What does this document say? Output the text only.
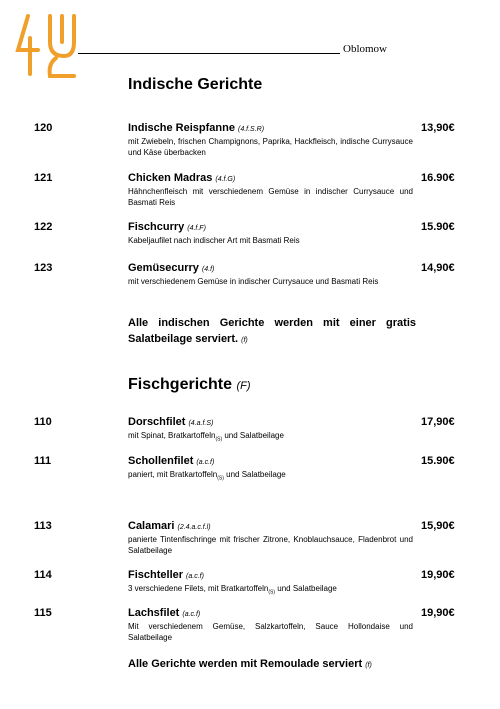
Oblomow
Indische Gerichte
120	Indische Reispfanne (4.f.S.R)	13,90€
mit Zwiebeln, frischen Champignons, Paprika, Hackfleisch, indische Currysauce und Käse überbacken
121	Chicken Madras (4.f.G)	16.90€
Hähnchenfleisch mit verschiedenem Gemüse in indischer Currysauce und Basmati Reis
122	Fischcurry (4.f.F)	15.90€
Kabeljaufilet nach indischer Art mit Basmati Reis
123	Gemüsecurry (4.f)	14,90€
mit verschiedenem Gemüse in indischer Currysauce und Basmati Reis
Alle indischen Gerichte werden mit einer gratis Salatbeilage serviert. (f)
Fischgerichte (F)
110	Dorschfilet (4.a.f.S)	17,90€
mit Spinat, Bratkartoffeln$_{(S)}$ und Salatbeilage
111	Schollenfilet (a.c.f)	15.90€
paniert, mit Bratkartoffeln$_{(S)}$ und Salatbeilage
113	Calamari (2.4.a.c.f.l)	15,90€
panierte Tintenfischringe mit frischer Zitrone, Knoblauchsauce, Fladenbrot und Salatbeilage
114	Fischteller (a.c.f)	19,90€
3 verschiedene Filets, mit Bratkartoffeln$_{(S)}$ und Salatbeilage
115	Lachsfilet (a.c.f)	19,90€
Mit verschiedenem Gemüse, Salzkartoffeln, Sauce Hollondaise und Salatbeilage
Alle Gerichte werden mit Remoulade serviert (f)
